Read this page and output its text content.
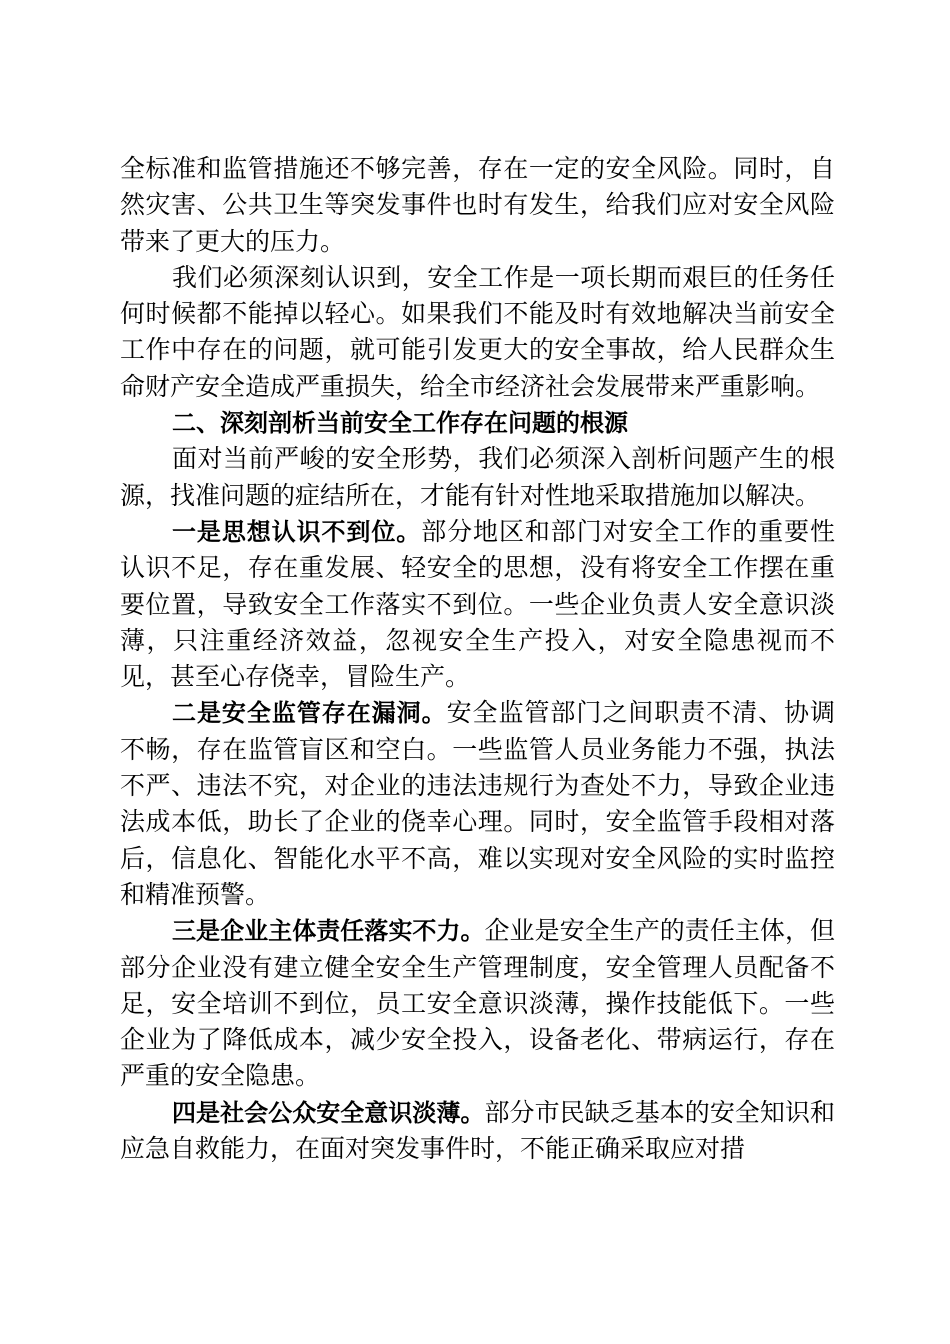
全标准和监管措施还不够完善，存在一定的安全风险。同时，自然灾害、公共卫生等突发事件也时有发生，给我们应对安全风险带来了更大的压力。

我们必须深刻认识到，安全工作是一项长期而艰巨的任务任何时候都不能掉以轻心。如果我们不能及时有效地解决当前安全工作中存在的问题，就可能引发更大的安全事故，给人民群众生命财产安全造成严重损失，给全市经济社会发展带来严重影响。

二、深刻剖析当前安全工作存在问题的根源

面对当前严峻的安全形势，我们必须深入剖析问题产生的根源，找准问题的症结所在，才能有针对性地采取措施加以解决。

一是思想认识不到位。部分地区和部门对安全工作的重要性认识不足，存在重发展、轻安全的思想，没有将安全工作摆在重要位置，导致安全工作落实不到位。一些企业负责人安全意识淡薄，只注重经济效益，忽视安全生产投入，对安全隐患视而不见，甚至心存侥幸，冒险生产。

二是安全监管存在漏洞。安全监管部门之间职责不清、协调不畅，存在监管盲区和空白。一些监管人员业务能力不强，执法不严、违法不究，对企业的违法违规行为查处不力，导致企业违法成本低，助长了企业的侥幸心理。同时，安全监管手段相对落后，信息化、智能化水平不高，难以实现对安全风险的实时监控和精准预警。

三是企业主体责任落实不力。企业是安全生产的责任主体，但部分企业没有建立健全安全生产管理制度，安全管理人员配备不足，安全培训不到位，员工安全意识淡薄，操作技能低下。一些企业为了降低成本，减少安全投入，设备老化、带病运行，存在严重的安全隐患。

四是社会公众安全意识淡薄。部分市民缺乏基本的安全知识和应急自救能力，在面对突发事件时，不能正确采取应对措
